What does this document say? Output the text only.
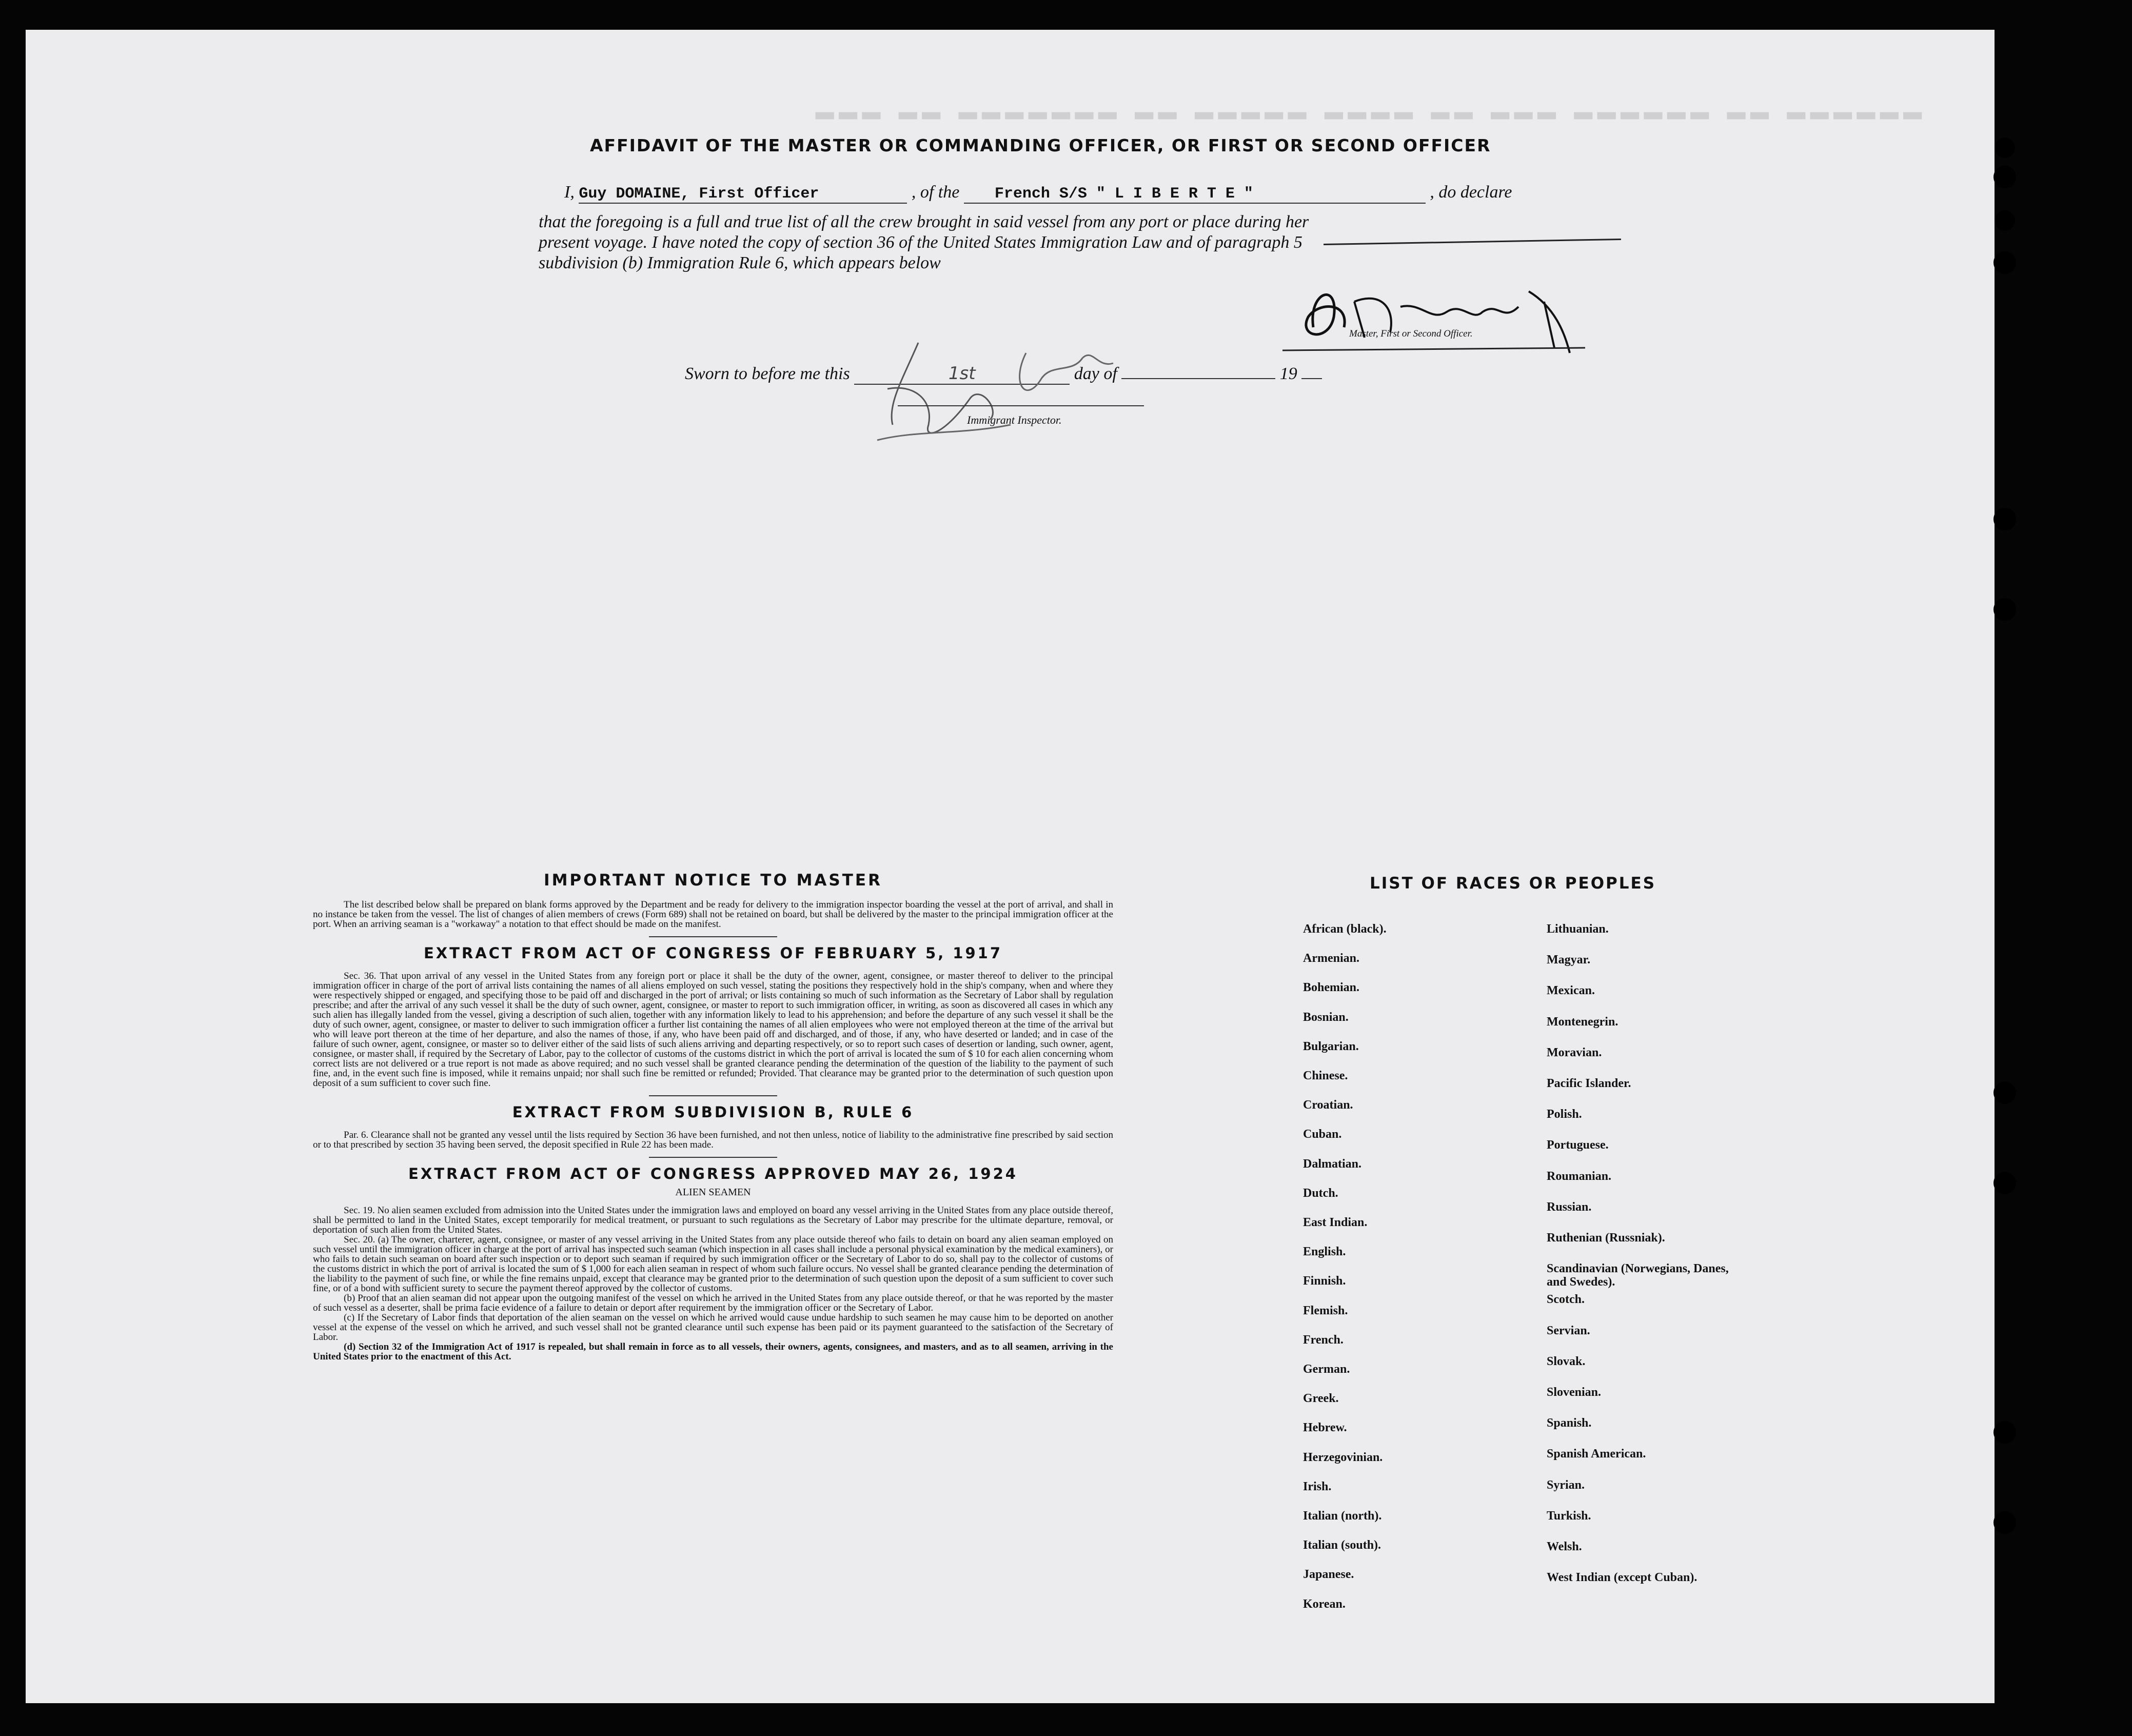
▂▂▂ ▂▂ ▂▂▂▂▂▂▂ ▂▂ ▂▂▂▂▂ ▂▂▂▂ ▂▂ ▂▂▂ ▂▂▂▂▂▂ ▂▂ ▂▂▂▂▂▂
AFFIDAVIT OF THE MASTER OR COMMANDING OFFICER, OR FIRST OR SECOND OFFICER
I, Guy DOMAINE, First Officer	, of the French S/S " L I B E R T E "	, do declare
that the foregoing is a full and true list of all the crew brought in said vessel from any port or place during her
present voyage. I have noted the copy of section 36 of the United States Immigration Law and of paragraph 5
subdivision (b) Immigration Rule 6, which appears below
Master, First or Second Officer.
Sworn to before me this	1st	day of	19
Immigrant Inspector.
IMPORTANT NOTICE TO MASTER
The list described below shall be prepared on blank forms approved by the Department and be ready for delivery to the immigration inspector boarding the vessel at the port of arrival, and shall in no instance be taken from the vessel. The list of changes of alien members of crews (Form 689) shall not be retained on board, but shall be delivered by the master to the principal immigration officer at the port. When an arriving seaman is a "workaway" a notation to that effect should be made on the manifest.
EXTRACT FROM ACT OF CONGRESS OF FEBRUARY 5, 1917
Sec. 36. That upon arrival of any vessel in the United States from any foreign port or place it shall be the duty of the owner, agent, consignee, or master thereof to deliver to the principal immigration officer in charge of the port of arrival lists containing the names of all aliens employed on such vessel, stating the positions they respectively hold in the ship's company, when and where they were respectively shipped or engaged, and specifying those to be paid off and discharged in the port of arrival; or lists containing so much of such information as the Secretary of Labor shall by regulation prescribe; and after the arrival of any such vessel it shall be the duty of such owner, agent, consignee, or master to report to such immigration officer, in writing, as soon as discovered all cases in which any such alien has illegally landed from the vessel, giving a description of such alien, together with any information likely to lead to his apprehension; and before the departure of any such vessel it shall be the duty of such owner, agent, consignee, or master to deliver to such immigration officer a further list containing the names of all alien employees who were not employed thereon at the time of the arrival but who will leave port thereon at the time of her departure, and also the names of those, if any, who have been paid off and discharged, and of those, if any, who have deserted or landed; and in case of the failure of such owner, agent, consignee, or master so to deliver either of the said lists of such aliens arriving and departing respectively, or so to report such cases of desertion or landing, such owner, agent, consignee, or master shall, if required by the Secretary of Labor, pay to the collector of customs of the customs district in which the port of arrival is located the sum of $ 10 for each alien concerning whom correct lists are not delivered or a true report is not made as above required; and no such vessel shall be granted clearance pending the determination of the question of the liability to the payment of such fine, and, in the event such fine is imposed, while it remains unpaid; nor shall such fine be remitted or refunded; Provided. That clearance may be granted prior to the determination of such question upon deposit of a sum sufficient to cover such fine.
EXTRACT FROM SUBDIVISION B, RULE 6
Par. 6. Clearance shall not be granted any vessel until the lists required by Section 36 have been furnished, and not then unless, notice of liability to the administrative fine prescribed by said section or to that prescribed by section 35 having been served, the deposit specified in Rule 22 has been made.
EXTRACT FROM ACT OF CONGRESS APPROVED MAY 26, 1924
ALIEN SEAMEN
Sec. 19. No alien seamen excluded from admission into the United States under the immigration laws and employed on board any vessel arriving in the United States from any place outside thereof, shall be permitted to land in the United States, except temporarily for medical treatment, or pursuant to such regulations as the Secretary of Labor may prescribe for the ultimate departure, removal, or deportation of such alien from the United States.
Sec. 20. (a) The owner, charterer, agent, consignee, or master of any vessel arriving in the United States from any place outside thereof who fails to detain on board any alien seaman employed on such vessel until the immigration officer in charge at the port of arrival has inspected such seaman (which inspection in all cases shall include a personal physical examination by the medical examiners), or who fails to detain such seaman on board after such inspection or to deport such seaman if required by such immigration officer or the Secretary of Labor to do so, shall pay to the collector of customs of the customs district in which the port of arrival is located the sum of $ 1,000 for each alien seaman in respect of whom such failure occurs. No vessel shall be granted clearance pending the determination of the liability to the payment of such fine, or while the fine remains unpaid, except that clearance may be granted prior to the determination of such question upon the deposit of a sum sufficient to cover such fine, or of a bond with sufficient surety to secure the payment thereof approved by the collector of customs.
(b) Proof that an alien seaman did not appear upon the outgoing manifest of the vessel on which he arrived in the United States from any place outside thereof, or that he was reported by the master of such vessel as a deserter, shall be prima facie evidence of a failure to detain or deport after requirement by the immigration officer or the Secretary of Labor.
(c) If the Secretary of Labor finds that deportation of the alien seaman on the vessel on which he arrived would cause undue hardship to such seamen he may cause him to be deported on another vessel at the expense of the vessel on which he arrived, and such vessel shall not be granted clearance until such expense has been paid or its payment guaranteed to the satisfaction of the Secretary of Labor.
(d) Section 32 of the Immigration Act of 1917 is repealed, but shall remain in force as to all vessels, their owners, agents, consignees, and masters, and as to all seamen, arriving in the United States prior to the enactment of this Act.
LIST OF RACES OR PEOPLES
African (black).
Armenian.
Bohemian.
Bosnian.
Bulgarian.
Chinese.
Croatian.
Cuban.
Dalmatian.
Dutch.
East Indian.
English.
Finnish.
Flemish.
French.
German.
Greek.
Hebrew.
Herzegovinian.
Irish.
Italian (north).
Italian (south).
Japanese.
Korean.
Lithuanian.
Magyar.
Mexican.
Montenegrin.
Moravian.
Pacific Islander.
Polish.
Portuguese.
Roumanian.
Russian.
Ruthenian (Russniak).
Scandinavian (Norwegians, Danes, and Swedes).
Scotch.
Servian.
Slovak.
Slovenian.
Spanish.
Spanish American.
Syrian.
Turkish.
Welsh.
West Indian (except Cuban).
